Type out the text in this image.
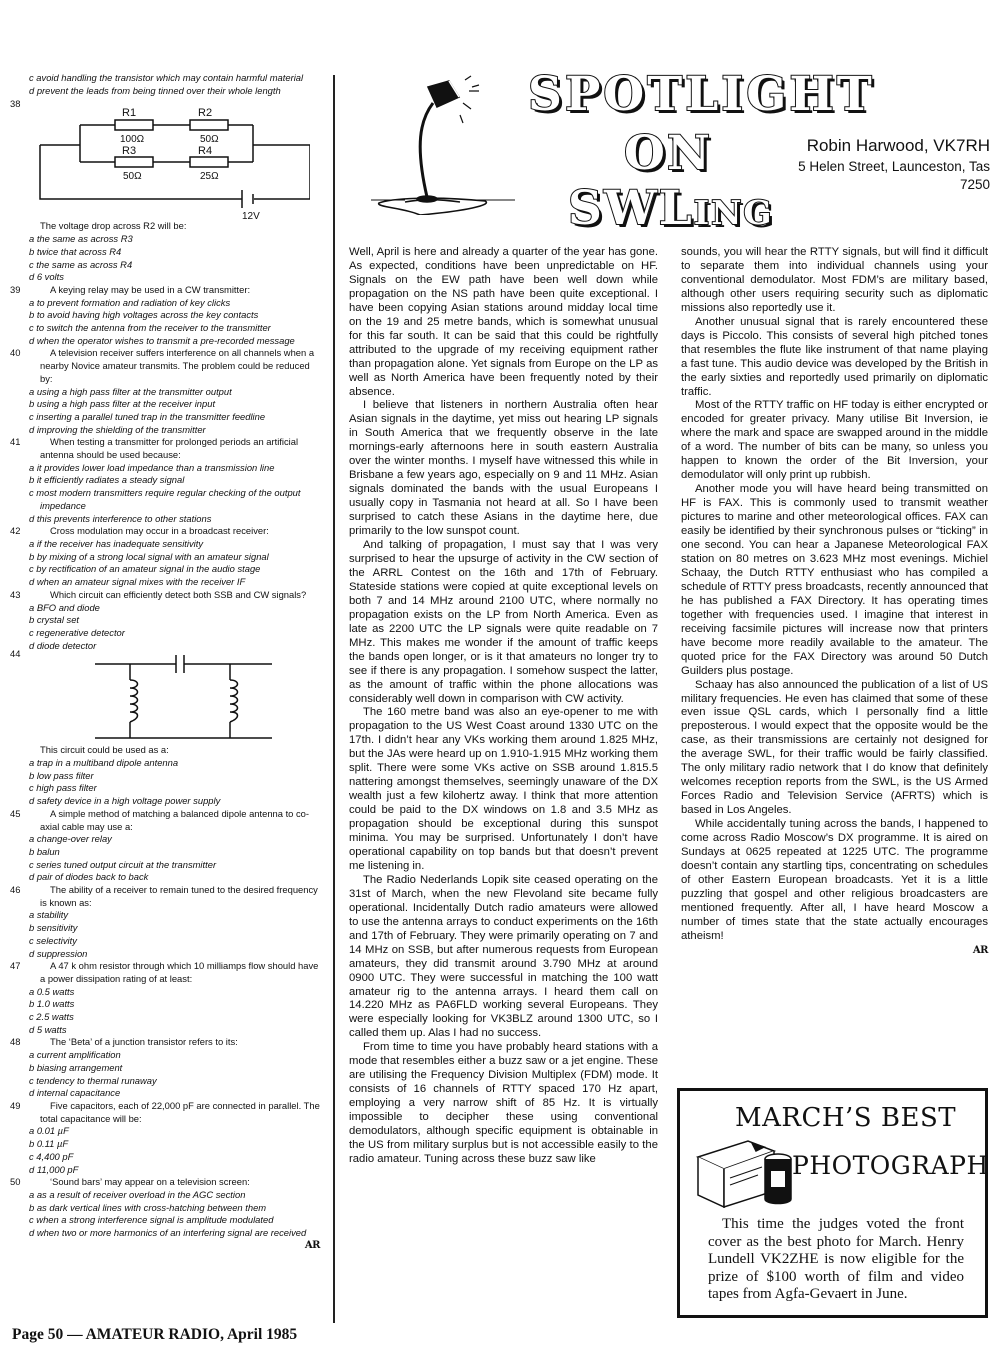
c avoid handling the transistor which may contain harmful material
d prevent the leads from being tinned over their whole length
38
R1	R2
100Ω	50Ω
R3	R4
50Ω	25Ω
12V
The voltage drop across R2 will be:
a the same as across R3
b twice that across R4
c the same as across R4
d 6 volts
39	A keying relay may be used in a CW transmitter:
a to prevent formation and radiation of key clicks
b to avoid having high voltages across the key contacts
c to switch the antenna from the receiver to the transmitter
d when the operator wishes to transmit a pre-recorded message
40	A television receiver suffers interference on all channels when a nearby Novice amateur transmits. The problem could be reduced by:
a using a high pass filter at the transmitter output
b using a high pass filter at the receiver input
c inserting a parallel tuned trap in the transmitter feedline
d improving the shielding of the transmitter
41	When testing a transmitter for prolonged periods an artificial antenna should be used because:
a it provides lower load impedance than a transmission line
b it efficiently radiates a steady signal
c most modern transmitters require regular checking of the output impedance
d this prevents interference to other stations
42	Cross modulation may occur in a broadcast receiver:
a if the receiver has inadequate sensitivity
b by mixing of a strong local signal with an amateur signal
c by rectification of an amateur signal in the audio stage
d when an amateur signal mixes with the receiver IF
43	Which circuit can efficiently detect both SSB and CW signals?
a BFO and diode
b crystal set
c regenerative detector
d diode detector
44
This circuit could be used as a:
a trap in a multiband dipole antenna
b low pass filter
c high pass filter
d safety device in a high voltage power supply
45	A simple method of matching a balanced dipole antenna to co-axial cable may use a:
a change-over relay
b balun
c series tuned output circuit at the transmitter
d pair of diodes back to back
46	The ability of a receiver to remain tuned to the desired frequency is known as:
a stability
b sensitivity
c selectivity
d suppression
47	A 47 k ohm resistor through which 10 milliamps flow should have a power dissipation rating of at least:
a 0.5 watts
b 1.0 watts
c 2.5 watts
d 5 watts
48	The ‘Beta’ of a junction transistor refers to its:
a current amplification
b biasing arrangement
c tendency to thermal runaway
d internal capacitance
49	Five capacitors, each of 22,000 pF are connected in parallel. The total capacitance will be:
a 0.01 µF
b 0.11 µF
c 4,400 pF
d 11,000 pF
50	‘Sound bars’ may appear on a television screen:
a as a result of receiver overload in the AGC section
b as dark vertical lines with cross-hatching between them
c when a strong interference signal is amplitude modulated
d when two or more harmonics of an interfering signal are received
AR
SPOTLIGHT
ON
SWLing
Robin Harwood, VK7RH
5 Helen Street, Launceston, Tas 7250

Well, April is here and already a quarter of the year has gone. As expected, conditions have been unpredictable on HF. Signals on the EW path have been well down while propagation on the NS path have been quite exceptional. I have been copying Asian stations around midday local time on the 19 and 25 metre bands, which is somewhat unusual for this far south. It can be said that this could be rightfully attributed to the upgrade of my receiving equipment rather than propagation alone. Yet signals from Europe on the LP as well as North America have been frequently noted by their absence.

I believe that listeners in northern Australia often hear Asian signals in the daytime, yet miss out hearing LP signals in South America that we frequently observe in the late mornings-early afternoons here in south eastern Australia over the winter months. I myself have witnessed this while in Brisbane a few years ago, especially on 9 and 11 MHz. Asian signals dominated the bands with the usual Europeans I usually copy in Tasmania not heard at all. So I have been surprised to catch these Asians in the daytime here, due primarily to the low sunspot count.

And talking of propagation, I must say that I was very surprised to hear the upsurge of activity in the CW section of the ARRL Contest on the 16th and 17th of February. Stateside stations were copied at quite exceptional levels on both 7 and 14 MHz around 2100 UTC, where normally no propagation exists on the LP from North America. Even as late as 2200 UTC the LP signals were quite readable on 7 MHz. This makes me wonder if the amount of traffic keeps the bands open longer, or is it that amateurs no longer try to see if there is any propagation. I somehow suspect the latter, as the amount of traffic within the phone allocations was considerably well down in comparison with CW activity.

The 160 metre band was also an eye-opener to me with propagation to the US West Coast around 1330 UTC on the 17th. I didn’t hear any VKs working them around 1.825 MHz, but the JAs were heard up on 1.910-1.915 MHz working them split. There were some VKs active on SSB around 1.815.5 nattering amongst themselves, seemingly unaware of the DX wealth just a few kilohertz away. I think that more attention could be paid to the DX windows on 1.8 and 3.5 MHz as propagation should be exceptional during this sunspot minima. You may be surprised. Unfortunately I don’t have operational capability on top bands but that doesn’t prevent me listening in.

The Radio Nederlands Lopik site ceased operating on the 31st of March, when the new Flevoland site became fully operational. Incidentally Dutch radio amateurs were allowed to use the antenna arrays to conduct experiments on the 16th and 17th of February. They were primarily operating on 7 and 14 MHz on SSB, but after numerous requests from European amateurs, they did transmit around 3.790 MHz at around 0900 UTC. They were successful in matching the 100 watt amateur rig to the antenna arrays. I heard them call on 14.220 MHz as PA6FLD working several Europeans. They were especially looking for VK3BLZ around 1300 UTC, so I called them up. Alas I had no success.

From time to time you have probably heard stations with a mode that resembles either a buzz saw or a jet engine. These are utilising the Frequency Division Multiplex (FDM) mode. It consists of 16 channels of RTTY spaced 170 Hz apart, employing a very narrow shift of 85 Hz. It is virtually impossible to decipher these using conventional demodulators, although specific equipment is obtainable in the US from military surplus but is not accessible easily to the radio amateur. Tuning across these buzz saw like

sounds, you will hear the RTTY signals, but will find it difficult to separate them into individual channels using your conventional demodulator. Most FDM’s are military based, although other users requiring security such as diplomatic missions also reportedly use it.

Another unusual signal that is rarely encountered these days is Piccolo. This consists of several high pitched tones that resembles the flute like instrument of that name playing a fast tune. This audio device was developed by the British in the early sixties and reportedly used primarily on diplomatic traffic.

Most of the RTTY traffic on HF today is either encrypted or encoded for greater privacy. Many utilise Bit Inversion, ie where the mark and space are swapped around in the middle of a word. The number of bits can be many, so unless you happen to known the order of the Bit Inversion, your demodulator will only print up rubbish.

Another mode you will have heard being transmitted on HF is FAX. This is commonly used to transmit weather pictures to marine and other meteorological offices. FAX can easily be identified by their synchronous pulses or “ticking” in one second. You can hear a Japanese Meteorological FAX station on 80 metres on 3.623 MHz most evenings. Michiel Schaay, the Dutch RTTY enthusiast who has compiled a schedule of RTTY press broadcasts, recently announced that he has published a FAX Directory. It has operating times together with frequencies used. I imagine that interest in receiving facsimile pictures will increase now that printers have become more readily available to the amateur. The quoted price for the FAX Directory was around 50 Dutch Guilders plus postage.

Schaay has also announced the publication of a list of US military frequencies. He even has claimed that some of these even issue QSL cards, which I personally find a little preposterous. I would expect that the opposite would be the case, as their transmissions are certainly not designed for the average SWL, for their traffic would be fairly classified. The only military radio network that I do know that definitely welcomes reception reports from the SWL, is the US Armed Forces Radio and Television Service (AFRTS) which is based in Los Angeles.

While accidentally tuning across the bands, I happened to come across Radio Moscow’s DX programme. It is aired on Sundays at 0625 repeated at 1225 UTC. The programme doesn’t contain any startling tips, concentrating on schedules of other Eastern European broadcasts. Yet it is a little puzzling that gospel and other religious broadcasters are mentioned frequently. After all, I have heard Moscow a number of times state that the state actually encourages atheism!

AR
MARCH’S BEST
PHOTOGRAPH
This time the judges voted the front cover as the best photo for March. Henry Lundell VK2ZHE is now eligible for the prize of $100 worth of film and video tapes from Agfa-Gevaert in June.
Page 50 — AMATEUR RADIO, April 1985
